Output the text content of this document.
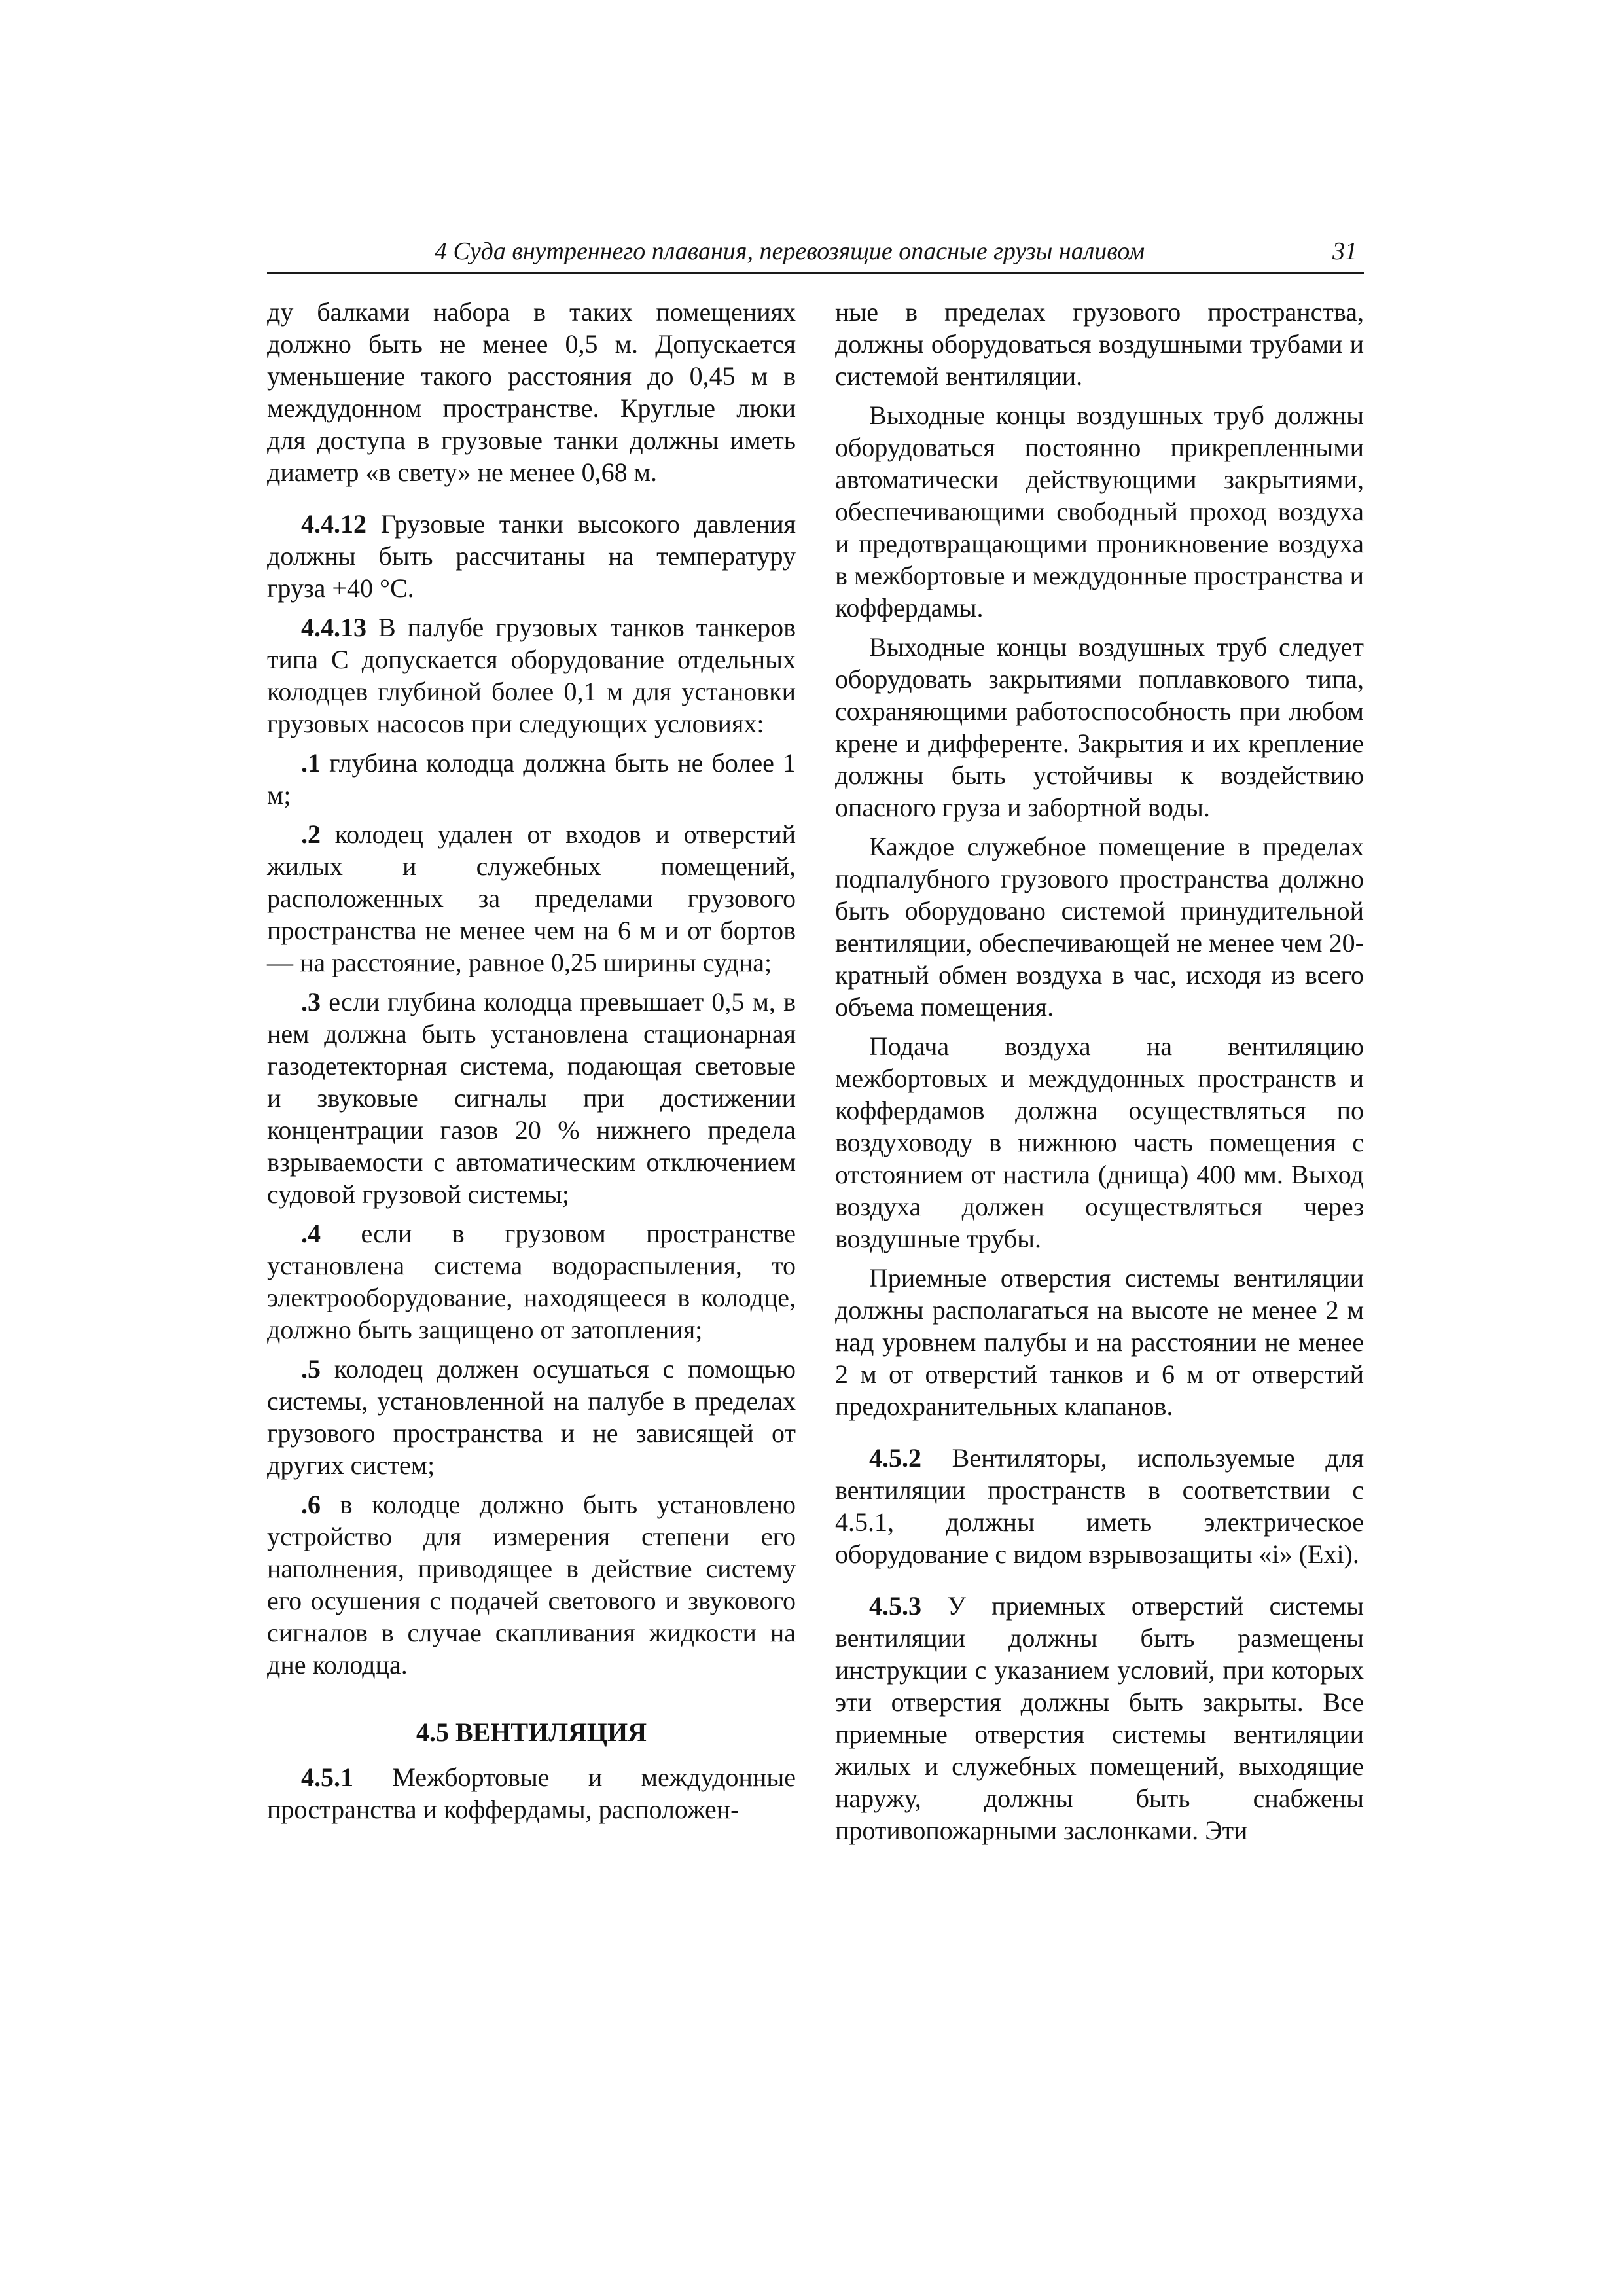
4 Суда внутреннего плавания, перевозящие опасные грузы наливом	31

ду балками набора в таких помещениях должно быть не менее 0,5 м. Допускается уменьшение такого расстояния до 0,45 м в междудонном пространстве. Круглые люки для доступа в грузовые танки должны иметь диаметр «в свету» не менее 0,68 м.

4.4.12 Грузовые танки высокого давления должны быть рассчитаны на температуру груза +40 °С.

4.4.13 В палубе грузовых танков танкеров типа С допускается оборудование отдельных колодцев глубиной более 0,1 м для установки грузовых насосов при следующих условиях:

.1 глубина колодца должна быть не более 1 м;

.2 колодец удален от входов и отверстий жилых и служебных помещений, расположенных за пределами грузового пространства не менее чем на 6 м и от бортов — на расстояние, равное 0,25 ширины судна;

.3 если глубина колодца превышает 0,5 м, в нем должна быть установлена стационарная газодетекторная система, подающая световые и звуковые сигналы при достижении концентрации газов 20 % нижнего предела взрываемости с автоматическим отключением судовой грузовой системы;

.4 если в грузовом пространстве установлена система водораспыления, то электрооборудование, находящееся в колодце, должно быть защищено от затопления;

.5 колодец должен осушаться с помощью системы, установленной на палубе в пределах грузового пространства и не зависящей от других систем;

.6 в колодце должно быть установлено устройство для измерения степени его наполнения, приводящее в действие систему его осушения с подачей светового и звукового сигналов в случае скапливания жидкости на дне колодца.

4.5 ВЕНТИЛЯЦИЯ

4.5.1 Межбортовые и междудонные пространства и коффердамы, расположен-

ные в пределах грузового пространства, должны оборудоваться воздушными трубами и системой вентиляции.

Выходные концы воздушных труб должны оборудоваться постоянно прикрепленными автоматически действующими закрытиями, обеспечивающими свободный проход воздуха и предотвращающими проникновение воздуха в межбортовые и междудонные пространства и коффердамы.

Выходные концы воздушных труб следует оборудовать закрытиями поплавкового типа, сохраняющими работоспособность при любом крене и дифференте. Закрытия и их крепление должны быть устойчивы к воздействию опасного груза и забортной воды.

Каждое служебное помещение в пределах подпалубного грузового пространства должно быть оборудовано системой принудительной вентиляции, обеспечивающей не менее чем 20-кратный обмен воздуха в час, исходя из всего объема помещения.

Подача воздуха на вентиляцию межбортовых и междудонных пространств и коффердамов должна осуществляться по воздуховоду в нижнюю часть помещения с отстоянием от настила (днища) 400 мм. Выход воздуха должен осуществляться через воздушные трубы.

Приемные отверстия системы вентиляции должны располагаться на высоте не менее 2 м над уровнем палубы и на расстоянии не менее 2 м от отверстий танков и 6 м от отверстий предохранительных клапанов.

4.5.2 Вентиляторы, используемые для вентиляции пространств в соответствии с 4.5.1, должны иметь электрическое оборудование с видом взрывозащиты «i» (Exi).

4.5.3 У приемных отверстий системы вентиляции должны быть размещены инструкции с указанием условий, при которых эти отверстия должны быть закрыты. Все приемные отверстия системы вентиляции жилых и служебных помещений, выходящие наружу, должны быть снабжены противопожарными заслонками. Эти
